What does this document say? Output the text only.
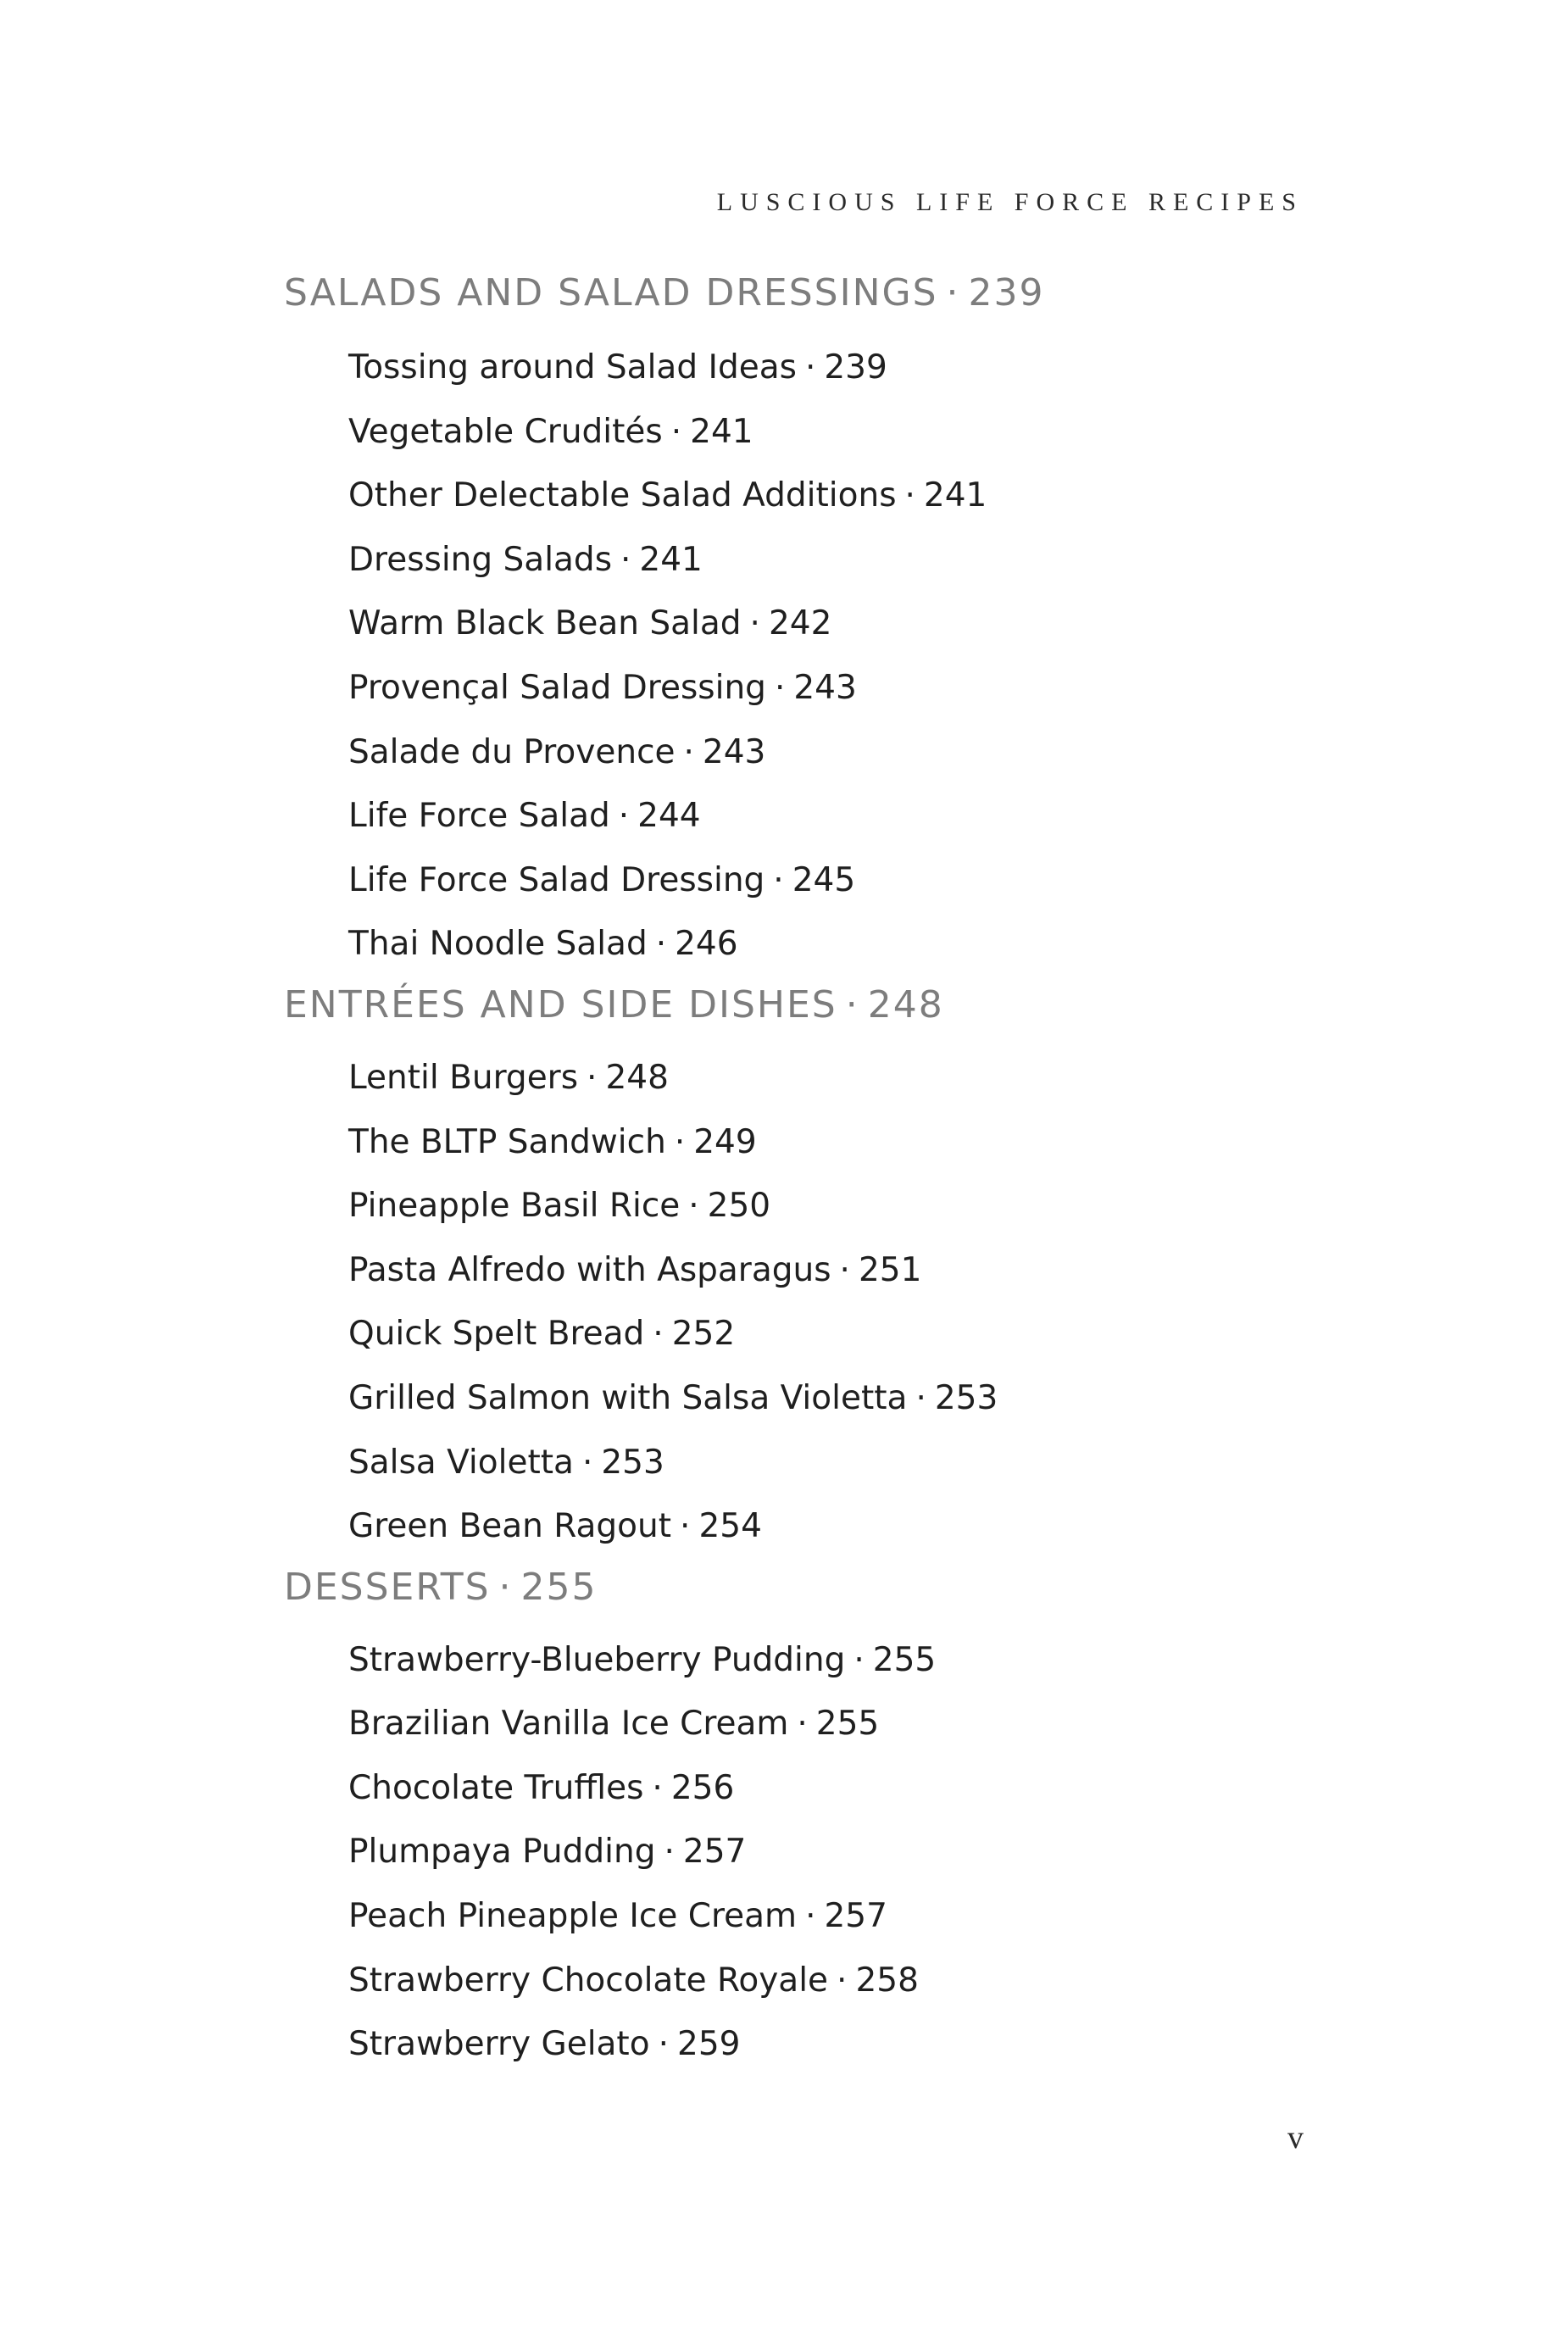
LUSCIOUS LIFE FORCE RECIPES
SALADS AND SALAD DRESSINGS · 239
Tossing around Salad Ideas · 239
Vegetable Crudités · 241
Other Delectable Salad Additions · 241
Dressing Salads · 241
Warm Black Bean Salad · 242
Provençal Salad Dressing · 243
Salade du Provence · 243
Life Force Salad · 244
Life Force Salad Dressing · 245
Thai Noodle Salad · 246
ENTRÉES AND SIDE DISHES · 248
Lentil Burgers · 248
The BLTP Sandwich · 249
Pineapple Basil Rice · 250
Pasta Alfredo with Asparagus · 251
Quick Spelt Bread · 252
Grilled Salmon with Salsa Violetta · 253
Salsa Violetta · 253
Green Bean Ragout · 254
DESSERTS · 255
Strawberry-Blueberry Pudding · 255
Brazilian Vanilla Ice Cream · 255
Chocolate Truffles · 256
Plumpaya Pudding · 257
Peach Pineapple Ice Cream · 257
Strawberry Chocolate Royale · 258
Strawberry Gelato · 259
v
